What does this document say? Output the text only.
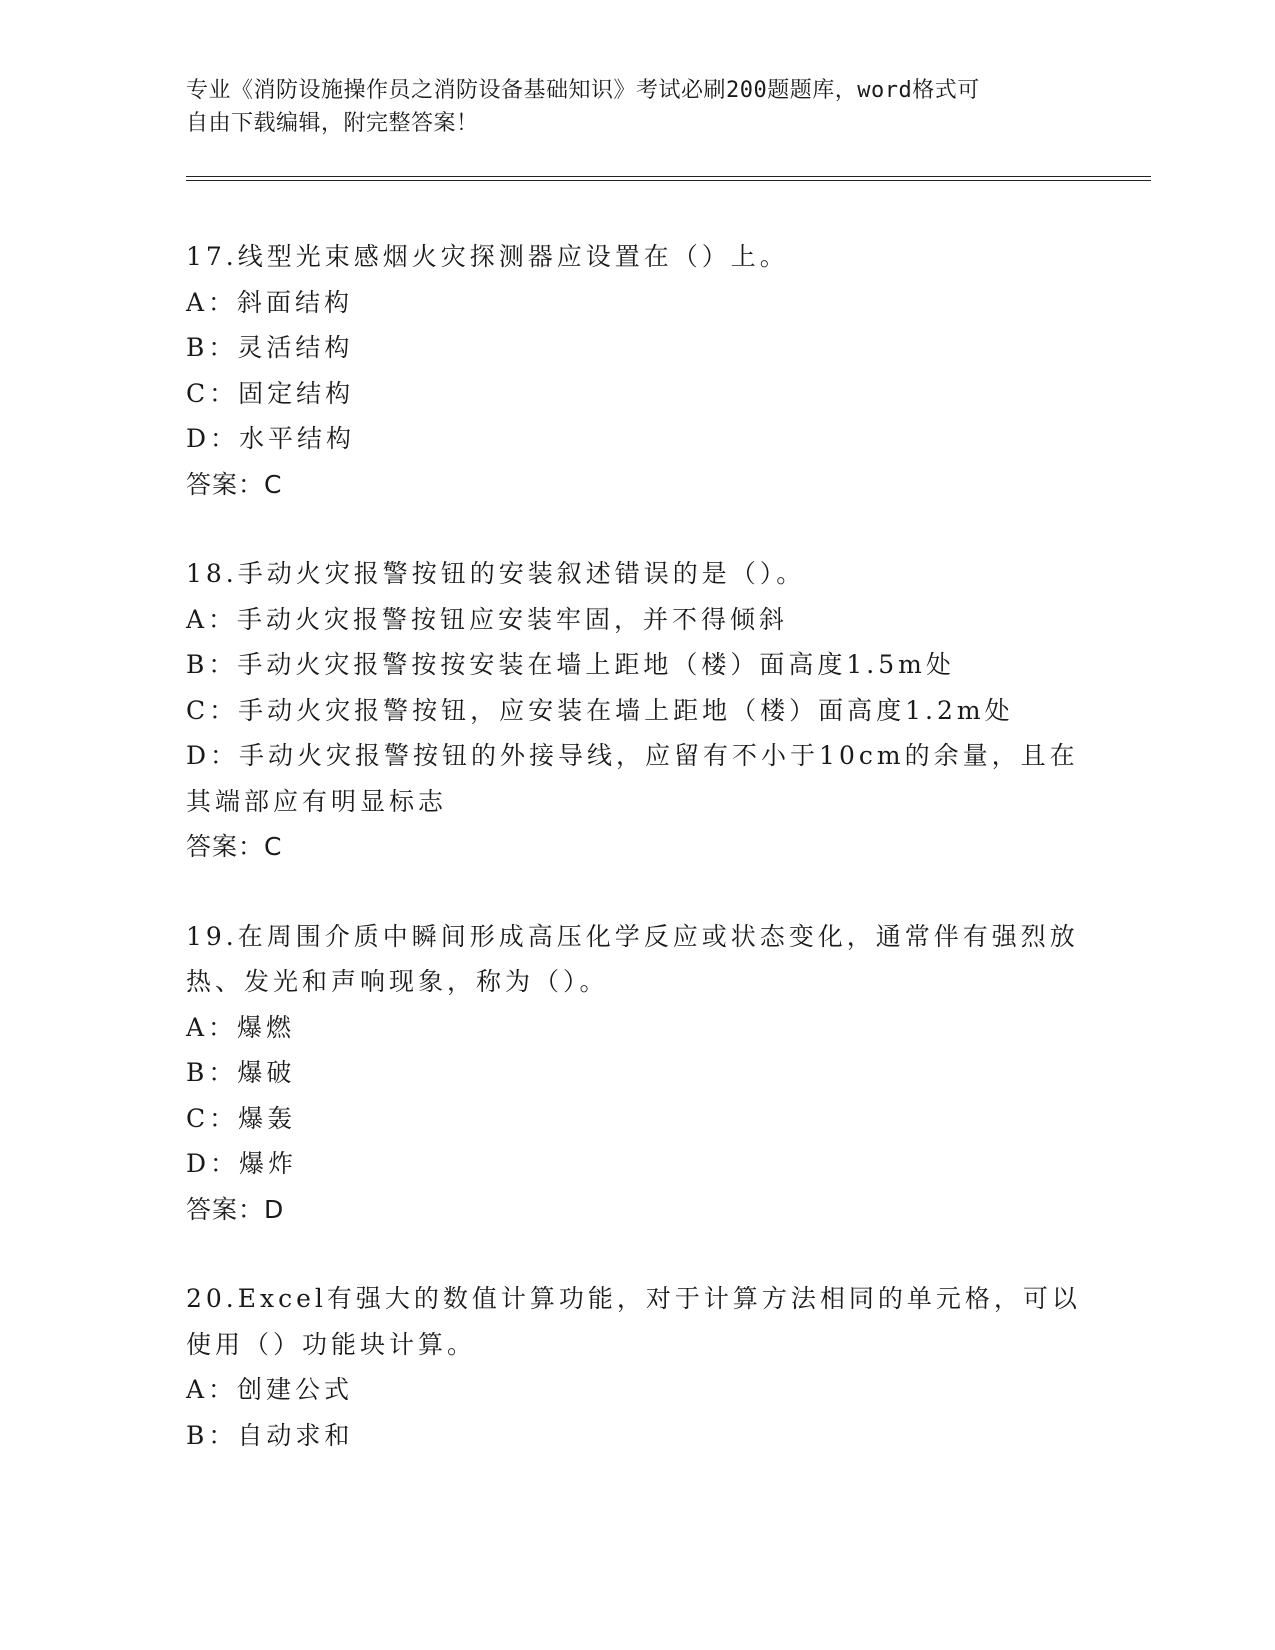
专业《消防设施操作员之消防设备基础知识》考试必刷200题题库，word格式可
自由下载编辑，附完整答案！
17.线型光束感烟火灾探测器应设置在（）上。
A：斜面结构
B：灵活结构
C：固定结构
D：水平结构
答案：C
18.手动火灾报警按钮的安装叙述错误的是（）。
A：手动火灾报警按钮应安装牢固，并不得倾斜
B：手动火灾报警按按安装在墙上距地（楼）面高度1.5m处
C：手动火灾报警按钮，应安装在墙上距地（楼）面高度1.2m处
D：手动火灾报警按钮的外接导线，应留有不小于10cm的余量，且在
其端部应有明显标志
答案：C
19.在周围介质中瞬间形成高压化学反应或状态变化，通常伴有强烈放
热、发光和声响现象，称为（）。
A：爆燃
B：爆破
C：爆轰
D：爆炸
答案：D
20.Excel有强大的数值计算功能，对于计算方法相同的单元格，可以
使用（）功能块计算。
A：创建公式
B：自动求和
